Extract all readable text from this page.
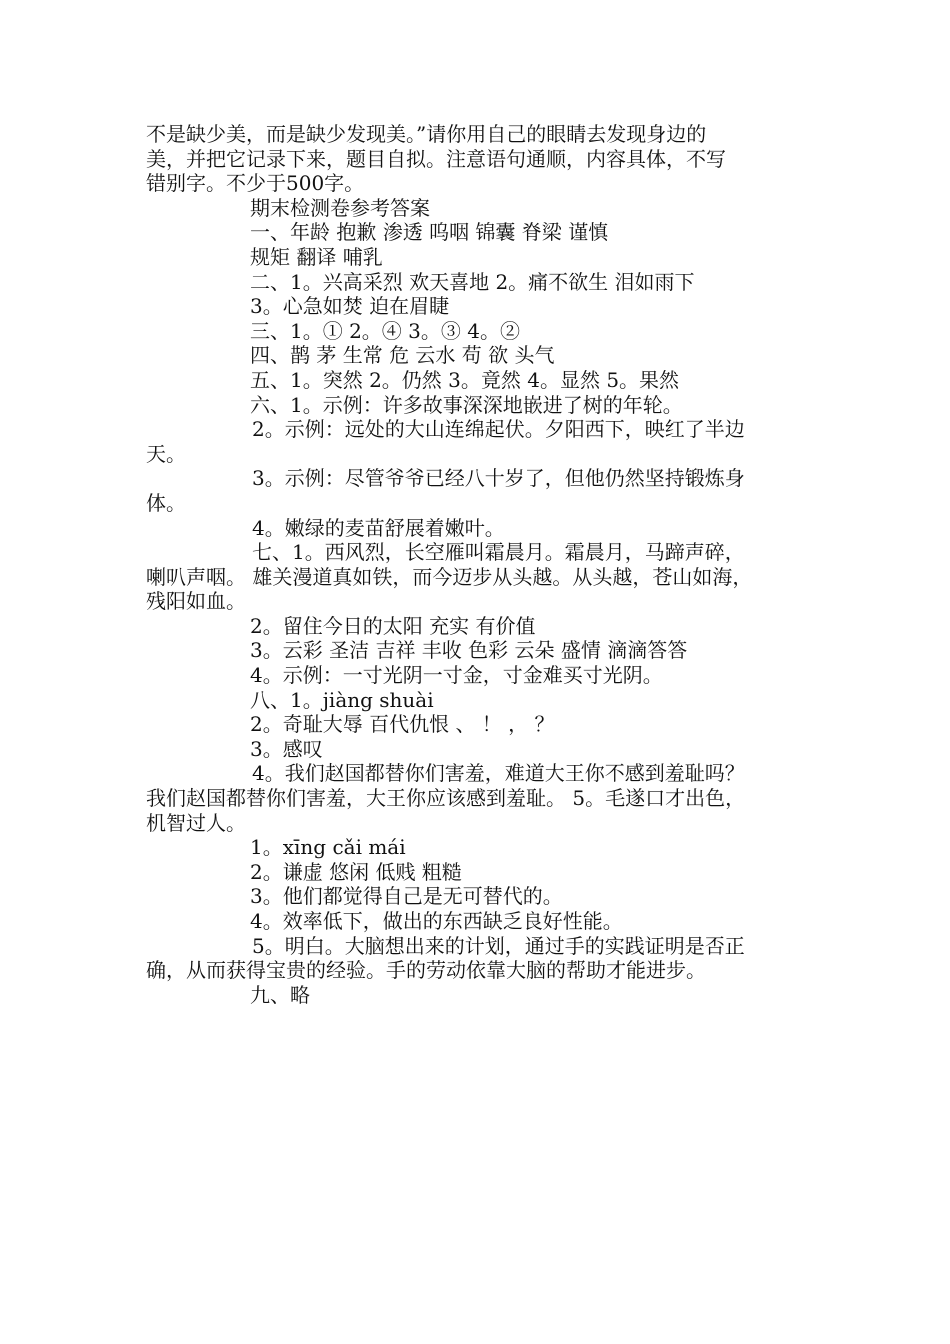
不是缺少美，而是缺少发现美。”请你用自己的眼睛去发现身边的
美，并把它记录下来，题目自拟。注意语句通顺，内容具体，不写
错别字。不少于500字。
期末检测卷参考答案
一、年龄 抱歉 渗透 呜咽 锦囊 脊梁 谨慎
规矩 翻译 哺乳
二、1。兴高采烈 欢天喜地 2。痛不欲生 泪如雨下
3。心急如焚 迫在眉睫
三、1。① 2。④ 3。③ 4。②
四、鹊 茅 生常 危 云水 苟 欲 头气
五、1。突然 2。仍然 3。竟然 4。显然 5。果然
六、1。示例：许多故事深深地嵌进了树的年轮。
2。示例：远处的大山连绵起伏。夕阳西下，映红了半边
天。
3。示例：尽管爷爷已经八十岁了，但他仍然坚持锻炼身
体。
4。嫩绿的麦苗舒展着嫩叶。
七、1。西风烈，长空雁叫霜晨月。霜晨月，马蹄声碎，
喇叭声咽。 雄关漫道真如铁，而今迈步从头越。从头越，苍山如海，
残阳如血。
2。留住今日的太阳 充实 有价值
3。云彩 圣洁 吉祥 丰收 色彩 云朵 盛情 滴滴答答
4。示例：一寸光阴一寸金，寸金难买寸光阴。
八、1。jiàng shuài
2。奇耻大辱 百代仇恨 、 ！ ， ？
3。感叹
4。我们赵国都替你们害羞，难道大王你不感到羞耻吗？
我们赵国都替你们害羞，大王你应该感到羞耻。 5。毛遂口才出色，
机智过人。
1。xīng cǎi mái
2。谦虚 悠闲 低贱 粗糙
3。他们都觉得自己是无可替代的。
4。效率低下，做出的东西缺乏良好性能。
5。明白。大脑想出来的计划，通过手的实践证明是否正
确，从而获得宝贵的经验。手的劳动依靠大脑的帮助才能进步。
九、略
